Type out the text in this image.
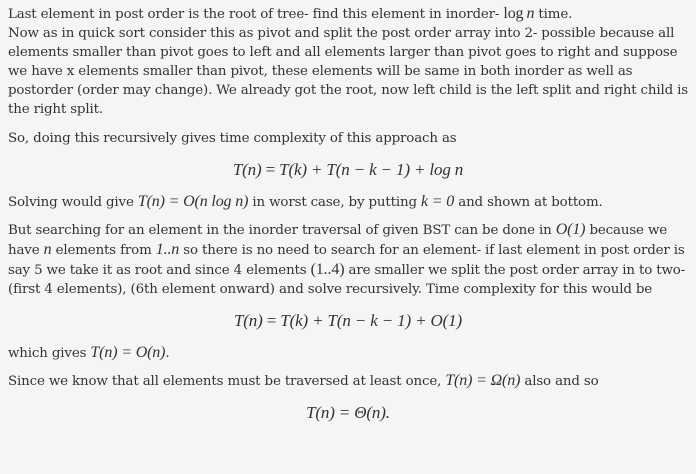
Last element in post order is the root of tree- find this element in inorder- log  n time.
Now as in quick sort consider this as pivot and split the post order array into 2- possible because all elements smaller than pivot goes to left and all elements larger than pivot goes to right and suppose we have x elements smaller than pivot, these elements will be same in both inorder as well as postorder (order may change). We already got the root, now left child is the left split and right child is the right split.

So, doing this recursively gives time complexity of this approach as

T(n) = T(k) + T(n − k − 1) + log n

Solving would give T(n) = O(n log n) in worst case, by putting k = 0 and shown at bottom.

But searching for an element in the inorder traversal of given BST can be done in O(1) because we have n elements from 1..n so there is no need to search for an element- if last element in post order is say 5 we take it as root and since 4 elements (1..4) are smaller we split the post order array in to two- (first 4 elements), (6th element onward) and solve recursively. Time complexity for this would be

T(n) = T(k) + T(n − k − 1) + O(1)

which gives T(n) = O(n).

Since we know that all elements must be traversed at least once, T(n) = Ω(n) also and so

T(n) = Θ(n).
